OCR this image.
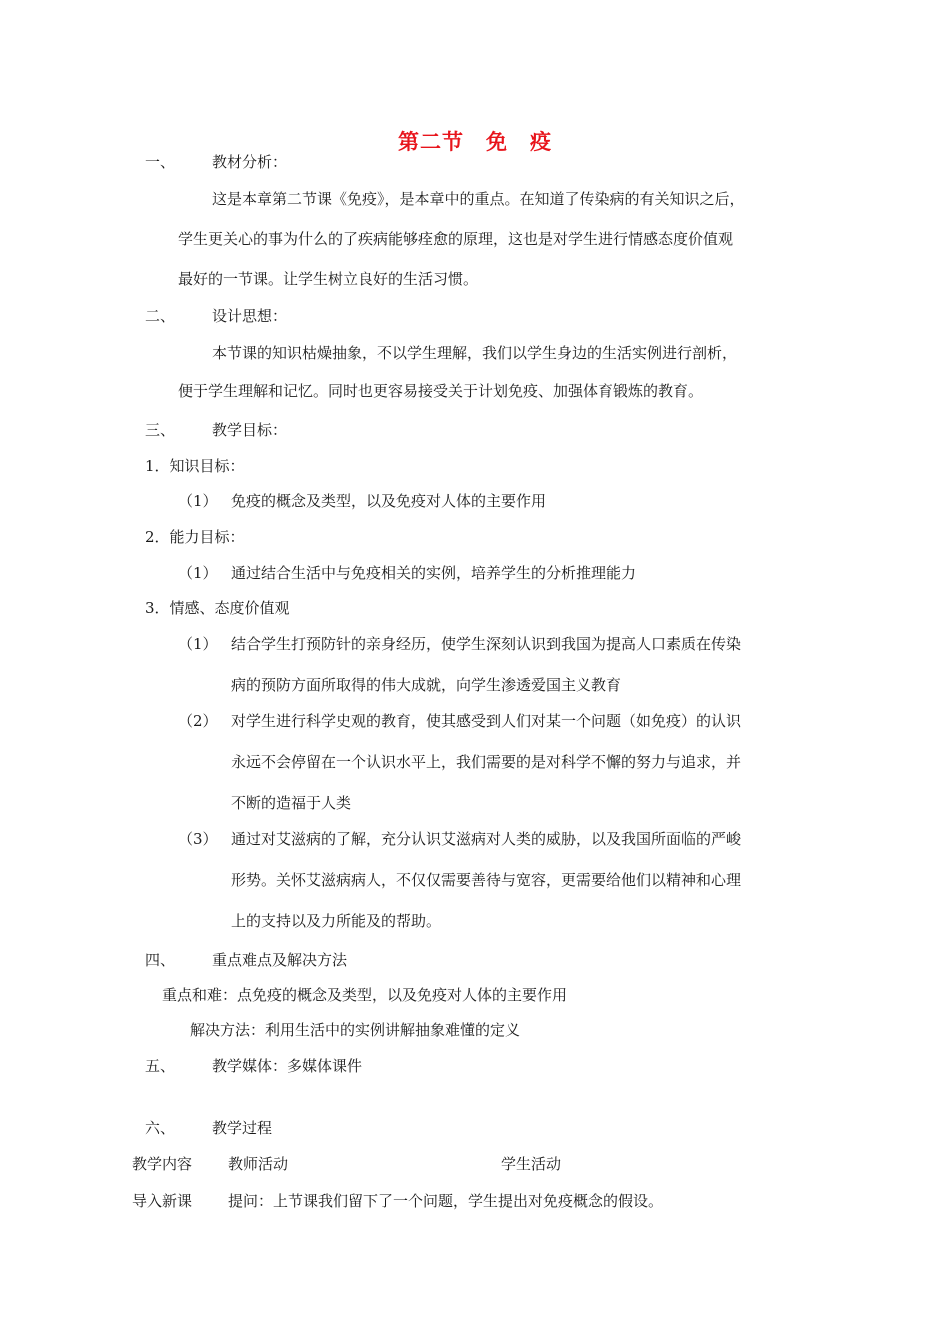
第二节　免　疫
一、 教材分析：
这是本章第二节课《免疫》，是本章中的重点。在知道了传染病的有关知识之后，
学生更关心的事为什么的了疾病能够痊愈的原理，这也是对学生进行情感态度价值观
最好的一节课。让学生树立良好的生活习惯。
二、 设计思想：
本节课的知识枯燥抽象，不以学生理解，我们以学生身边的生活实例进行剖析，
便于学生理解和记忆。同时也更容易接受关于计划免疫、加强体育锻炼的教育。
三、 教学目标：
1．知识目标：
（1） 免疫的概念及类型，以及免疫对人体的主要作用
2．能力目标：
（1） 通过结合生活中与免疫相关的实例，培养学生的分析推理能力
3．情感、态度价值观
（1） 结合学生打预防针的亲身经历，使学生深刻认识到我国为提高人口素质在传染
病的预防方面所取得的伟大成就，向学生渗透爱国主义教育
（2） 对学生进行科学史观的教育，使其感受到人们对某一个问题（如免疫）的认识
永远不会停留在一个认识水平上，我们需要的是对科学不懈的努力与追求，并
不断的造福于人类
（3） 通过对艾滋病的了解，充分认识艾滋病对人类的威胁，以及我国所面临的严峻
形势。关怀艾滋病病人，不仅仅需要善待与宽容，更需要给他们以精神和心理
上的支持以及力所能及的帮助。
四、 重点难点及解决方法
重点和难：点免疫的概念及类型，以及免疫对人体的主要作用
解决方法：利用生活中的实例讲解抽象难懂的定义
五、 教学媒体：多媒体课件
六、 教学过程
教学内容 教师活动	学生活动
导入新课 提问：上节课我们留下了一个问题，学生提出对免疫概念的假设。
